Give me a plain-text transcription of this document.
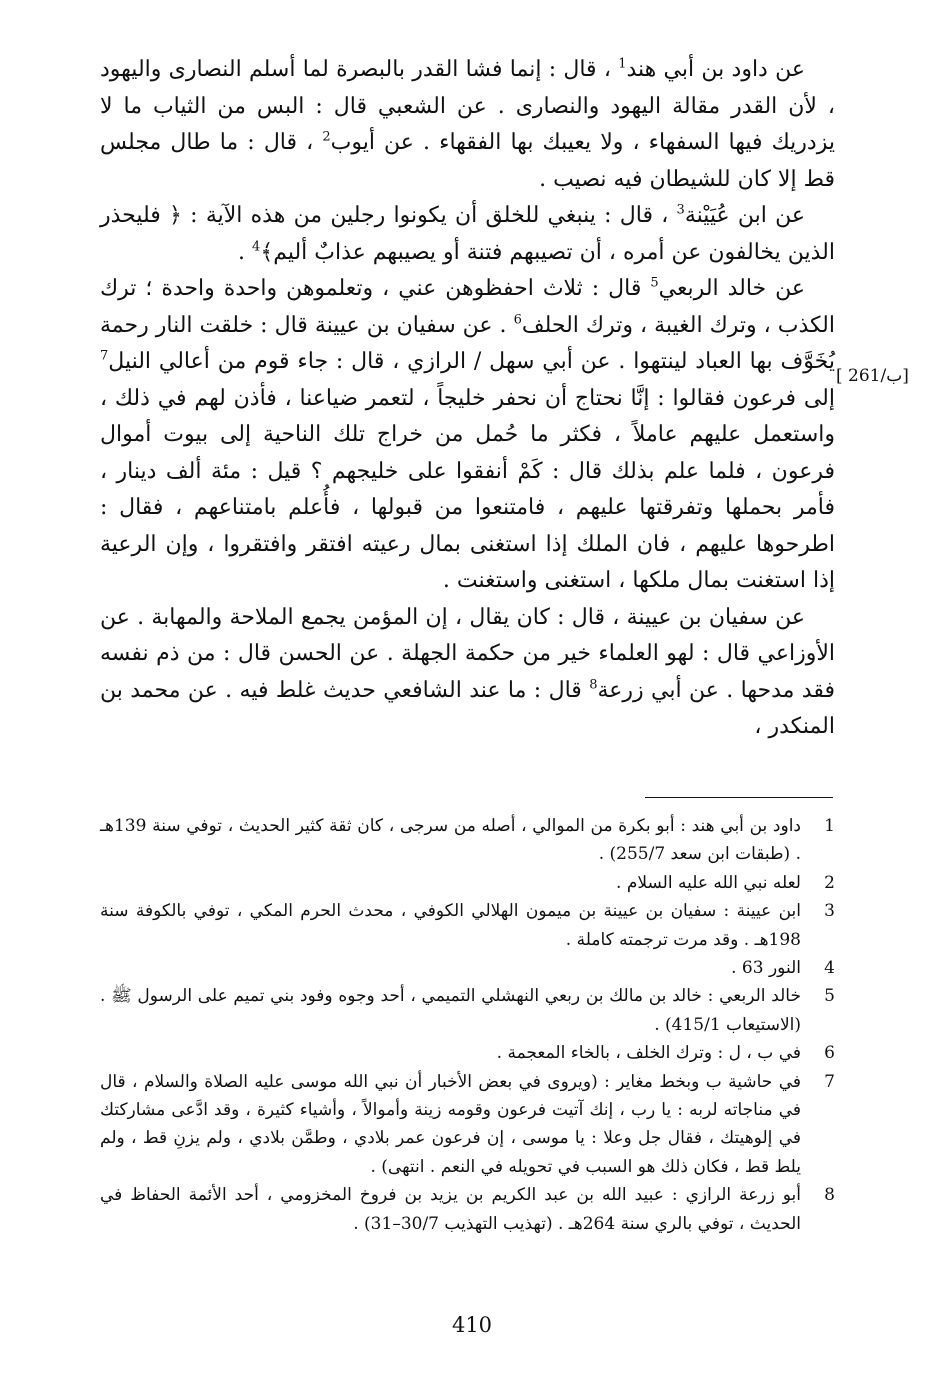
عن داود بن أبي هند$^1$ ، قال : إنما فشا القدر بالبصرة لما أسلم النصارى واليهود ، لأن القدر مقالة اليهود والنصارى . عن الشعبي قال : البس من الثياب ما لا يزدريك فيها السفهاء ، ولا يعيبك بها الفقهاء . عن أيوب$^2$ ، قال : ما طال مجلس قط إلا كان للشيطان فيه نصيب .

عن ابن عُيَيْنة$^3$ ، قال : ينبغي للخلق أن يكونوا رجلين من هذه الآية : ﴿ فليحذر الذين يخالفون عن أمره ، أن تصيبهم فتنة أو يصيبهم عذابٌ أليم﴾$^4$ .

عن خالد الربعي$^5$ قال : ثلاث احفظوهن عني ، وتعلموهن واحدة واحدة ؛ ترك الكذب ، وترك الغيبة ، وترك الحلف$^6$ . عن سفيان بن عيينة قال : خلقت النار رحمة يُخَوَّف بها العباد لينتهوا . عن أبي سهل / الرازي ، قال : جاء قوم من أعالي النيل$^7$ إلى فرعون فقالوا : إنَّا نحتاج أن نحفر خليجاً ، لتعمر ضياعنا ، فأذن لهم في ذلك ، واستعمل عليهم عاملاً ، فكثر ما حُمل من خراج تلك الناحية إلى بيوت أموال فرعون ، فلما علم بذلك قال : كَمْ أنفقوا على خليجهم ؟ قيل : مئة ألف دينار ، فأمر بحملها وتفرقتها عليهم ، فامتنعوا من قبولها ، فأُعلم بامتناعهم ، فقال : اطرحوها عليهم ، فان الملك إذا استغنى بمال رعيته افتقر وافتقروا ، وإن الرعية إذا استغنت بمال ملكها ، استغنى واستغنت .

عن سفيان بن عيينة ، قال : كان يقال ، إن المؤمن يجمع الملاحة والمهابة . عن الأوزاعي قال : لهو العلماء خير من حكمة الجهلة . عن الحسن قال : من ذم نفسه فقد مدحها . عن أبي زرعة$^8$ قال : ما عند الشافعي حديث غلط فيه . عن محمد بن المنكدر ،

[ 261/ب]
1
داود بن أبي هند : أبو بكرة من الموالي ، أصله من سرجى ، كان ثقة كثير الحديث ، توفي سنة 139هـ . (طبقات ابن سعد 255/7) .
2
لعله نبي الله عليه السلام .
3
ابن عيينة : سفيان بن عيينة بن ميمون الهلالي الكوفي ، محدث الحرم المكي ، توفي بالكوفة سنة 198هـ . وقد مرت ترجمته كاملة .
4
النور 63 .
5
خالد الربعي : خالد بن مالك بن ربعي النهشلي التميمي ، أحد وجوه وفود بني تميم على الرسول ﷺ . (الاستيعاب 415/1) .
6
في ب ، ل : وترك الخلف ، بالخاء المعجمة .
7
في حاشية ب وبخط مغاير : (ويروى في بعض الأخبار أن نبي الله موسى عليه الصلاة والسلام ، قال في مناجاته لربه : يا رب ، إنك آتيت فرعون وقومه زينة وأموالاً ، وأشياء كثيرة ، وقد ادَّعى مشاركتك في إلوهيتك ، فقال جل وعلا : يا موسى ، إن فرعون عمر بلادي ، وطمَّن بلادي ، ولم يزنِ قط ، ولم يلط قط ، فكان ذلك هو السبب في تحويله في النعم . انتهى) .
8
أبو زرعة الرازي : عبيد الله بن عبد الكريم بن يزيد بن فروخ المخزومي ، أحد الأئمة الحفاظ في الحديث ، توفي بالري سنة 264هـ . (تهذيب التهذيب 30/7–31) .
410
